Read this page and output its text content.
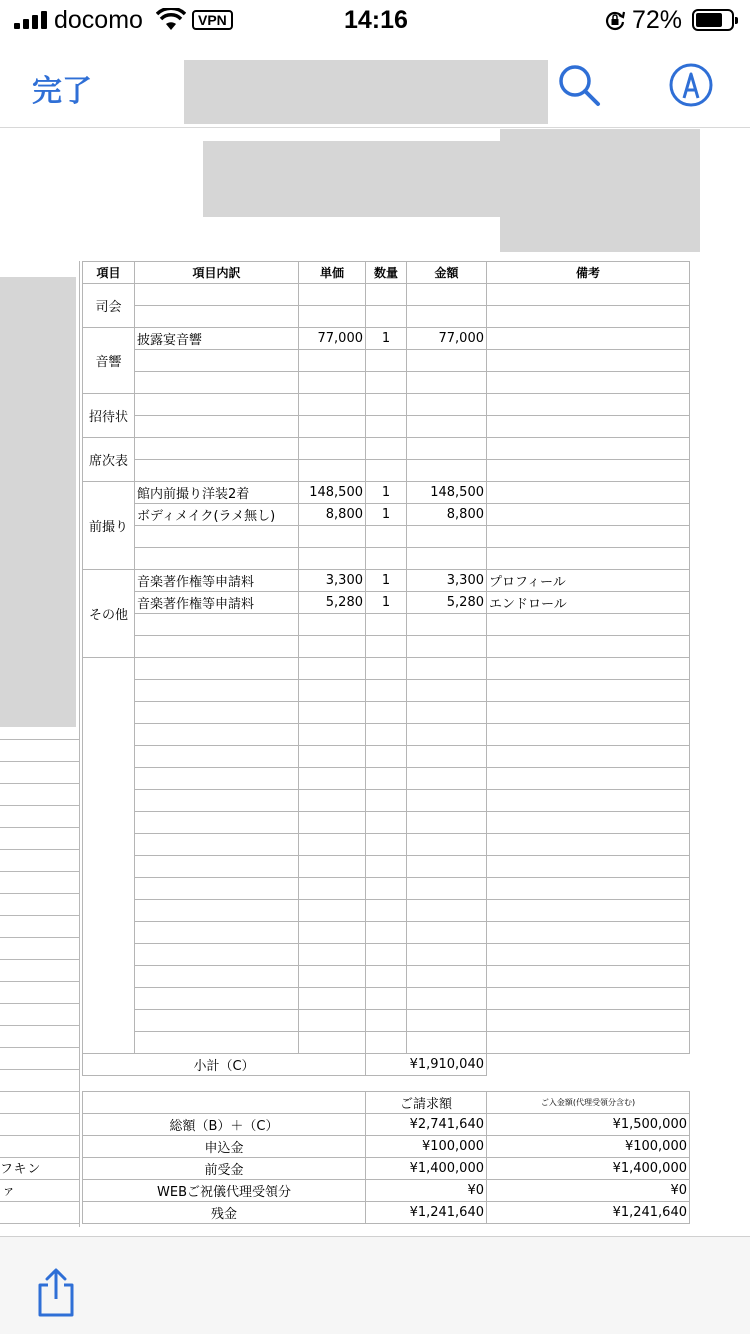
docomo	VPN	14:16	72%
完了
フキン
ァ
項目	項目内訳	単価	数量	金額	備考
司会					

音響	披露宴音響	77,000	1	77,000	

招待状					

席次表					

前撮り	館内前撮り洋装2着	148,500	1	148,500	
	ボディメイク(ラメ無し)	8,800	1	8,800	

その他	音楽著作権等申請料	3,300	1	3,300	プロフィール
	音楽著作権等申請料	5,280	1	5,280	エンドロール

小計（C）			¥1,910,040		
	ご請求額	ご入金額(代理受領分含む)
総額（B）＋（C）	¥2,741,640	¥1,500,000
申込金	¥100,000	¥100,000
前受金	¥1,400,000	¥1,400,000
WEBご祝儀代理受領分	¥0	¥0
残金	¥1,241,640	¥1,241,640
